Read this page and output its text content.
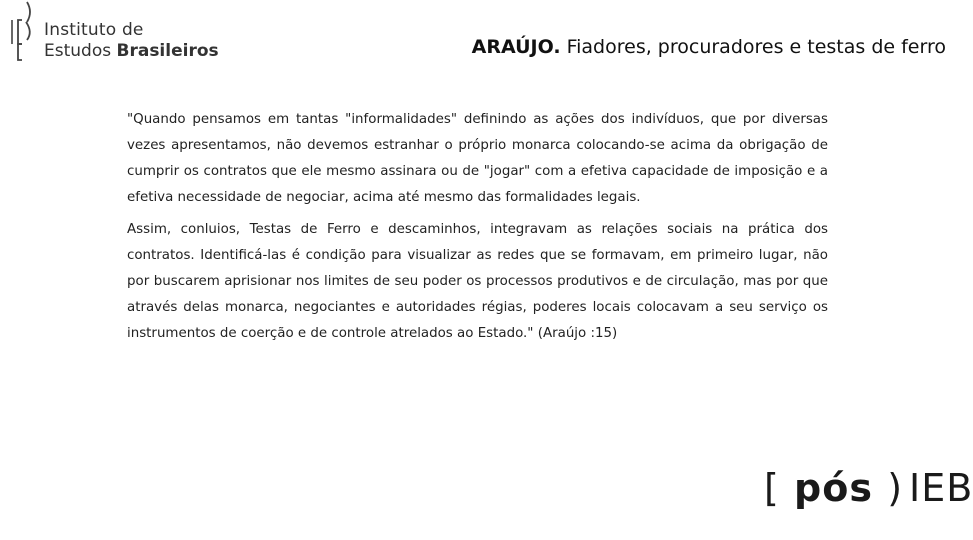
Instituto de
Estudos Brasileiros	ARAÚJO. Fiadores, procuradores e testas de ferro

"Quando pensamos em tantas "informalidades" definindo as ações dos indivíduos, que por diversas vezes apresentamos, não devemos estranhar o próprio monarca colocando-se acima da obrigação de cumprir os contratos que ele mesmo assinara ou de "jogar" com a efetiva capacidade de imposição e a efetiva necessidade de negociar, acima até mesmo das formalidades legais.

Assim, conluios, Testas de Ferro e descaminhos, integravam as relações sociais na prática dos contratos. Identificá-las é condição para visualizar as redes que se formavam, em primeiro lugar, não por buscarem aprisionar nos limites de seu poder os processos produtivos e de circulação, mas por que através delas monarca, negociantes e autoridades régias, poderes locais colocavam a seu serviço os instrumentos de coerção e de controle atrelados ao Estado." (Araújo :15)

[ pós ) IEB
